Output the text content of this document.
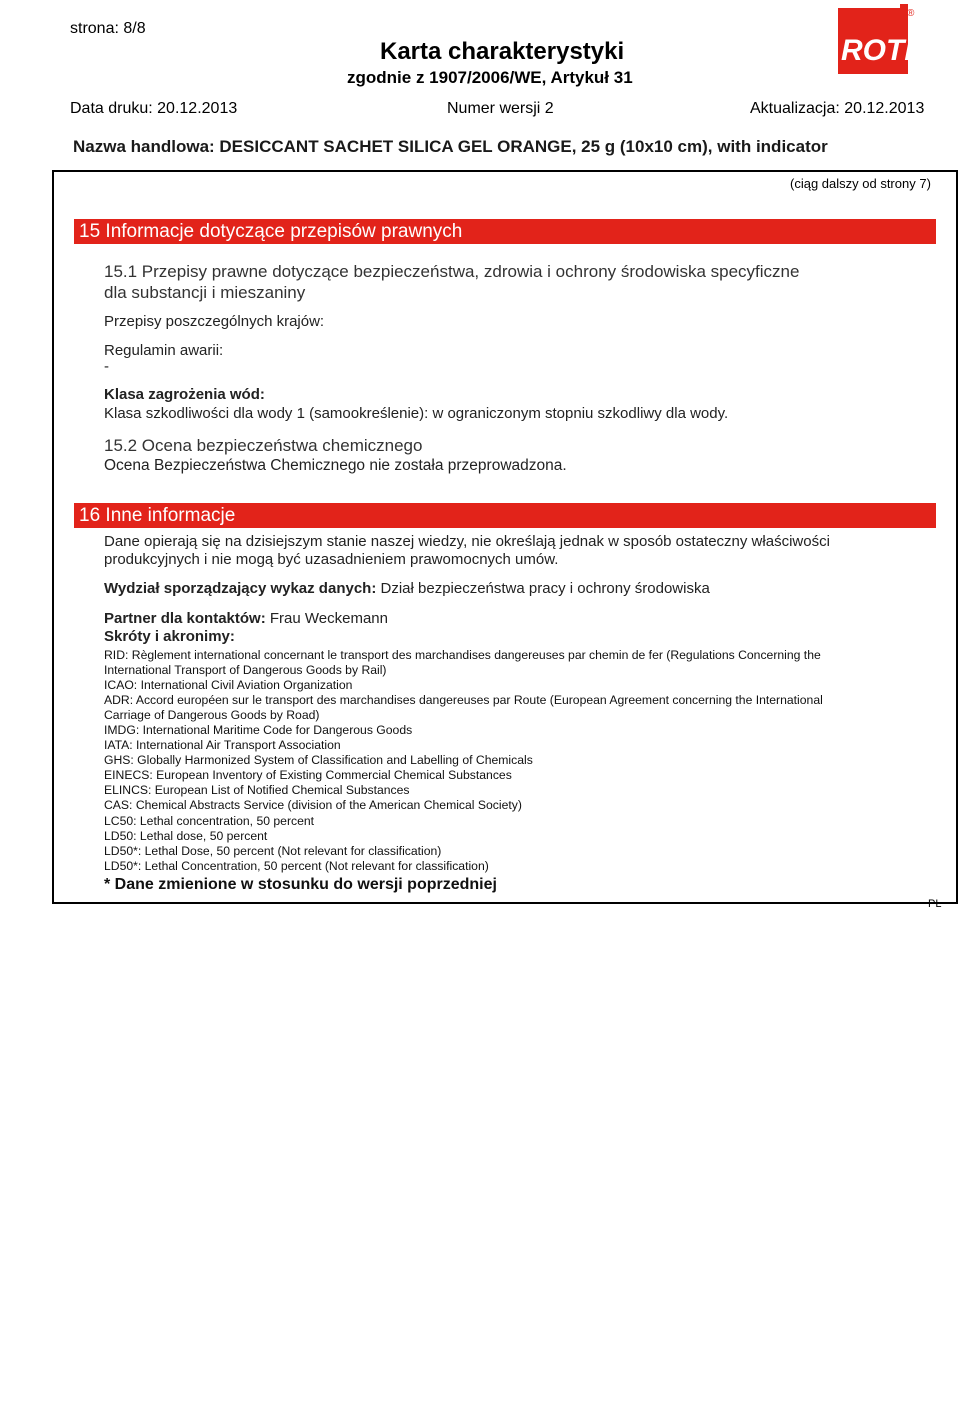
strona: 8/8
Karta charakterystyki
zgodnie z 1907/2006/WE, Artykuł 31
ROTH
®
Data druku: 20.12.2013	Numer wersji 2	Aktualizacja: 20.12.2013
Nazwa handlowa: DESICCANT SACHET SILICA GEL ORANGE, 25 g (10x10 cm), with indicator
(ciąg dalszy od strony 7)
15 Informacje dotyczące przepisów prawnych
15.1 Przepisy prawne dotyczące bezpieczeństwa, zdrowia i ochrony środowiska specyficzne
dla substancji i mieszaniny
Przepisy poszczególnych krajów:
Regulamin awarii:
-
Klasa zagrożenia wód:
Klasa szkodliwości dla wody 1 (samookreślenie): w ograniczonym stopniu szkodliwy dla wody.
15.2 Ocena bezpieczeństwa chemicznego
Ocena Bezpieczeństwa Chemicznego nie została przeprowadzona.
16 Inne informacje
Dane opierają się na dzisiejszym stanie naszej wiedzy, nie określają jednak w sposób ostateczny właściwości
produkcyjnych i nie mogą być uzasadnieniem prawomocnych umów.
Wydział sporządzający wykaz danych: Dział bezpieczeństwa pracy i ochrony środowiska
Partner dla kontaktów: Frau Weckemann
Skróty i akronimy:
RID: Règlement international concernant le transport des marchandises dangereuses par chemin de fer (Regulations Concerning the
International Transport of Dangerous Goods by Rail)
ICAO: International Civil Aviation Organization
ADR: Accord européen sur le transport des marchandises dangereuses par Route (European Agreement concerning the International
Carriage of Dangerous Goods by Road)
IMDG: International Maritime Code for Dangerous Goods
IATA: International Air Transport Association
GHS: Globally Harmonized System of Classification and Labelling of Chemicals
EINECS: European Inventory of Existing Commercial Chemical Substances
ELINCS: European List of Notified Chemical Substances
CAS: Chemical Abstracts Service (division of the American Chemical Society)
LC50: Lethal concentration, 50 percent
LD50: Lethal dose, 50 percent
LD50*: Lethal Dose, 50 percent (Not relevant for classification)
LD50*: Lethal Concentration, 50 percent (Not relevant for classification)
* Dane zmienione w stosunku do wersji poprzedniej
PL
